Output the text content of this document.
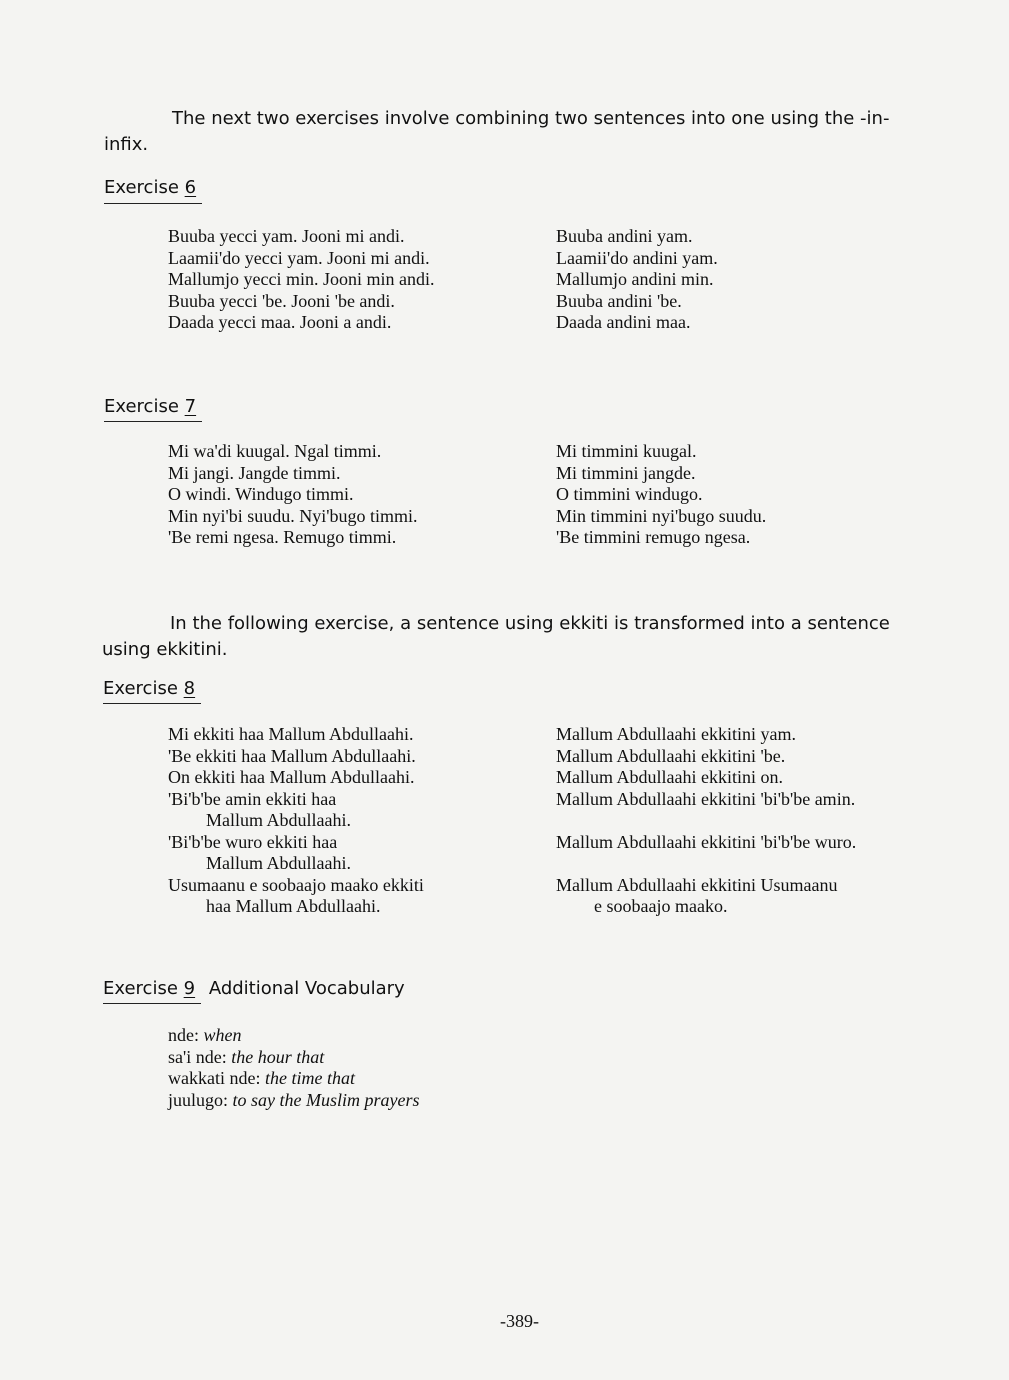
The next two exercises involve combining two sentences into one using the -in-
infix.
Exercise 6
Buuba yecci yam. Jooni mi andi.
Laamii'do yecci yam. Jooni mi andi.
Mallumjo yecci min. Jooni min andi.
Buuba yecci 'be. Jooni 'be andi.
Daada yecci maa. Jooni a andi.
Buuba andini yam.
Laamii'do andini yam.
Mallumjo andini min.
Buuba andini 'be.
Daada andini maa.
Exercise 7
Mi wa'di kuugal. Ngal timmi.
Mi jangi. Jangde timmi.
O windi. Windugo timmi.
Min nyi'bi suudu. Nyi'bugo timmi.
'Be remi ngesa. Remugo timmi.
Mi timmini kuugal.
Mi timmini jangde.
O timmini windugo.
Min timmini nyi'bugo suudu.
'Be timmini remugo ngesa.
In the following exercise, a sentence using ekkiti is transformed into a sentence
using ekkitini.
Exercise 8
Mi ekkiti haa Mallum Abdullaahi.
'Be ekkiti haa Mallum Abdullaahi.
On ekkiti haa Mallum Abdullaahi.
'Bi'b'be amin ekkiti haa
Mallum Abdullaahi.
'Bi'b'be wuro ekkiti haa
Mallum Abdullaahi.
Usumaanu e soobaajo maako ekkiti
haa Mallum Abdullaahi.
Mallum Abdullaahi ekkitini yam.
Mallum Abdullaahi ekkitini 'be.
Mallum Abdullaahi ekkitini on.
Mallum Abdullaahi ekkitini 'bi'b'be amin.

Mallum Abdullaahi ekkitini 'bi'b'be wuro.

Mallum Abdullaahi ekkitini Usumaanu
e soobaajo maako.
Exercise 9 Additional Vocabulary
nde: when
sa'i nde: the hour that
wakkati nde: the time that
juulugo: to say the Muslim prayers
-389-
